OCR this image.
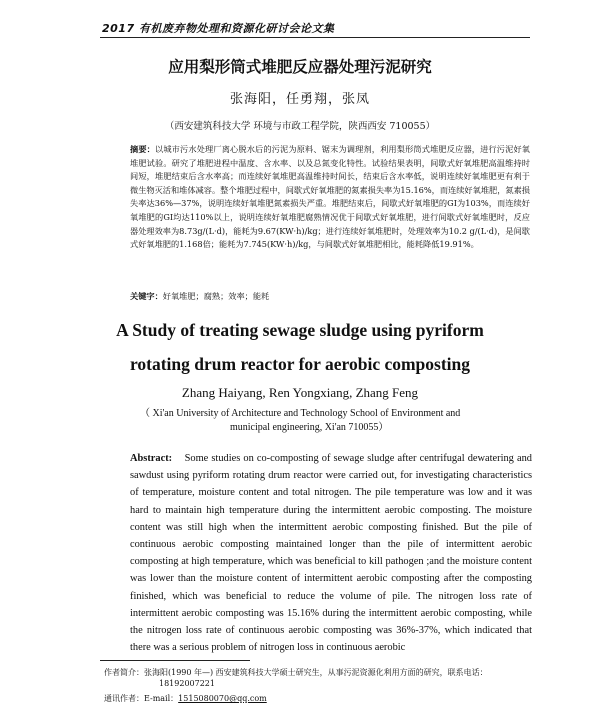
2017 有机废弃物处理和资源化研讨会论文集
应用梨形筒式堆肥反应器处理污泥研究
张海阳，任勇翔，张凤
（西安建筑科技大学 环境与市政工程学院，陕西西安 710055）
摘要：以城市污水处理厂离心脱水后的污泥为原料、锯末为调理剂，利用梨形筒式堆肥反应器，进行污泥好氧堆肥试验。研究了堆肥进程中温度、含水率、以及总氮变化特性。试验结果表明，间歇式好氧堆肥高温维持时间短，堆肥结束后含水率高；而连续好氧堆肥高温维持时间长，结束后含水率低，说明连续好氧堆肥更有利于微生物灭活和堆体减容。整个堆肥过程中，间歇式好氧堆肥的氮素损失率为15.16%，而连续好氧堆肥，氮素损失率达36%—37%，说明连续好氧堆肥氮素损失严重。堆肥结束后，间歇式好氧堆肥的GI为103%，而连续好氧堆肥的GI均达110%以上，说明连续好氧堆肥腐熟情况优于间歇式好氧堆肥，进行间歇式好氧堆肥时，反应器处理效率为8.73g/(L·d)，能耗为9.67(KW·h)/kg；进行连续好氧堆肥时，处理效率为10.2 g/(L·d)，是间歇式好氧堆肥的1.168倍；能耗为7.745(KW·h)/kg，与间歇式好氧堆肥相比，能耗降低19.91%。
关键字：好氧堆肥；腐熟；效率；能耗
A Study of treating sewage sludge using pyriform
rotating drum reactor for aerobic composting
Zhang Haiyang, Ren Yongxiang, Zhang Feng
（ Xi'an University of Architecture and Technology School of Environment and
municipal engineering, Xi'an 710055）
Abstract: Some studies on co-composting of sewage sludge after centrifugal dewatering and sawdust using pyriform rotating drum reactor were carried out, for investigating characteristics of temperature, moisture content and total nitrogen. The pile temperature was low and it was hard to maintain high temperature during the intermittent aerobic composting. The moisture content was still high when the intermittent aerobic composting finished. But the pile of continuous aerobic composting maintained longer than the pile of intermittent aerobic composting at high temperature, which was beneficial to kill pathogen ;and the moisture content was lower than the moisture content of intermittent aerobic composting after the composting finished, which was beneficial to reduce the volume of pile. The nitrogen loss rate of intermittent aerobic composting was 15.16% during the intermittent aerobic composting, while the nitrogen loss rate of continuous aerobic composting was 36%-37%, which indicated that there was a serious problem of nitrogen loss in continuous aerobic
作者简介：张海阳(1990 年—) 西安建筑科技大学硕士研究生，从事污泥资源化利用方面的研究，联系电话：
18192007221
通讯作者：E-mail：1515080070@qq.com
